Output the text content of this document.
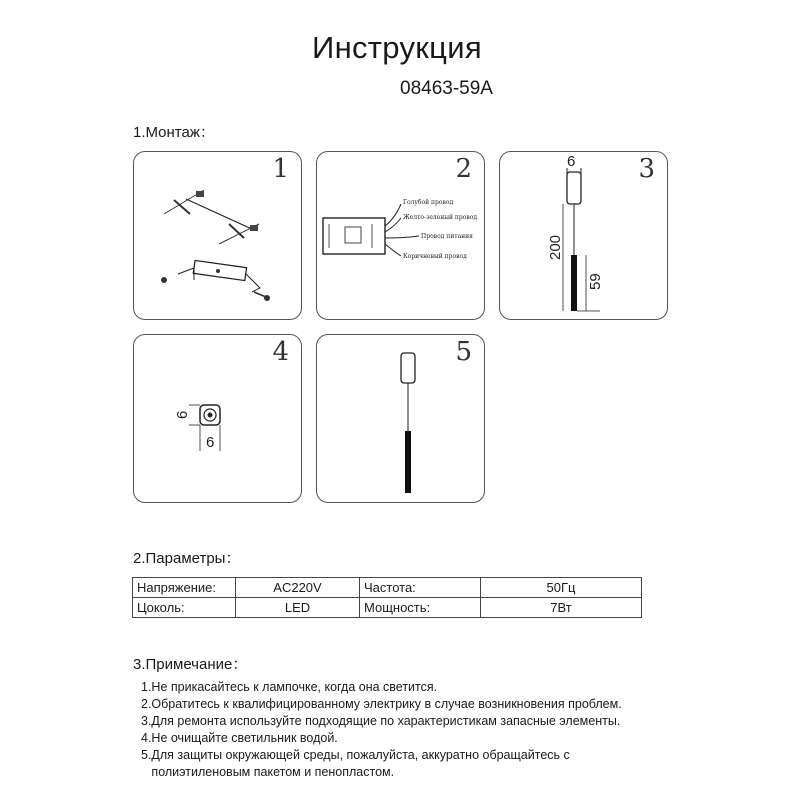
Инструкция
08463-59A
1.Монтаж：
1	2
Голубой провод
Желто-зеленый провод
Провод питания
Коричневый провод
3
6
200
59
4
6
6
5
2.Параметры：
Напряжение:	AC220V	Частота:	50Гц
Цоколь:	LED	Мощность:	7Вт
3.Примечание：
1.Не прикасайтесь к лампочке, когда она светится.
2.Обратитесь к квалифицированному электрику в случае возникновения проблем.
3.Для ремонта используйте подходящие по характеристикам запасные элементы.
4.Не очищайте светильник водой.
5.Для защиты окружающей среды, пожалуйста, аккуратно обращайтесь с
полиэтиленовым пакетом и пенопластом.
